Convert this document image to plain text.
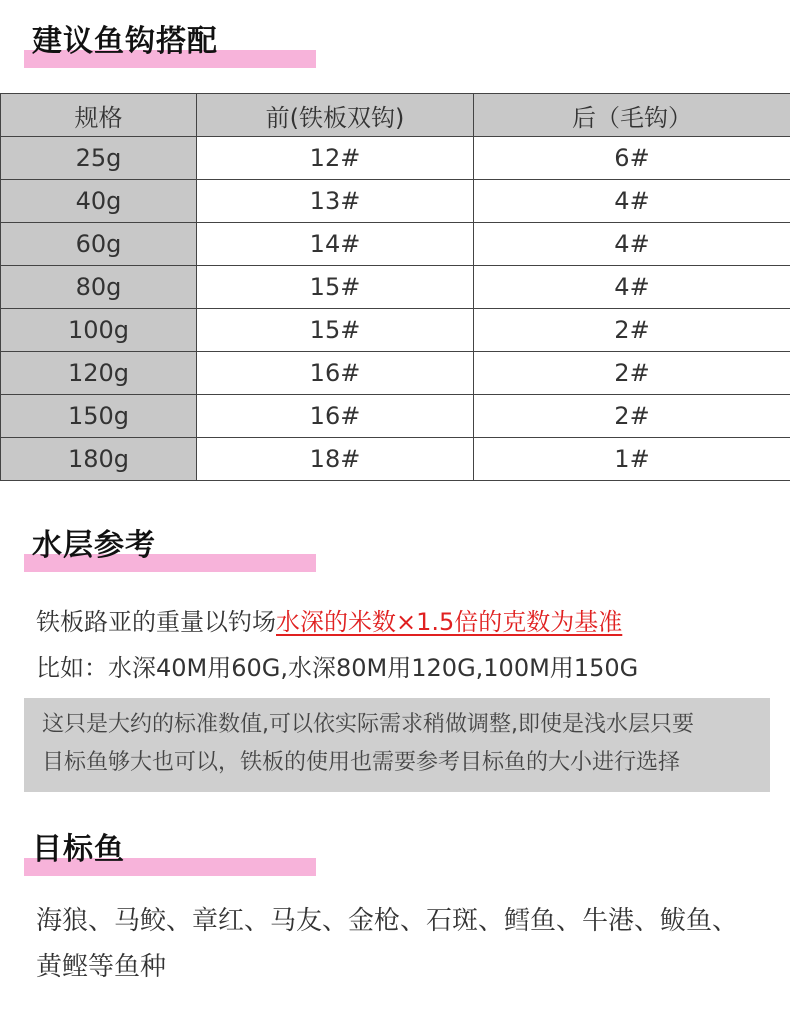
建议鱼钩搭配
规格	前(铁板双钩)	后（毛钩）
25g	12#	6#
40g	13#	4#
60g	14#	4#
80g	15#	4#
100g	15#	2#
120g	16#	2#
150g	16#	2#
180g	18#	1#
水层参考
铁板路亚的重量以钓场水深的米数×1.5倍的克数为基准
比如：水深40M用60G,水深80M用120G,100M用150G
这只是大约的标准数值,可以依实际需求稍做调整,即使是浅水层只要
目标鱼够大也可以，铁板的使用也需要参考目标鱼的大小进行选择
目标鱼
海狼、马鲛、章红、马友、金枪、石斑、鳕鱼、牛港、鲅鱼、黄鲣等鱼种
